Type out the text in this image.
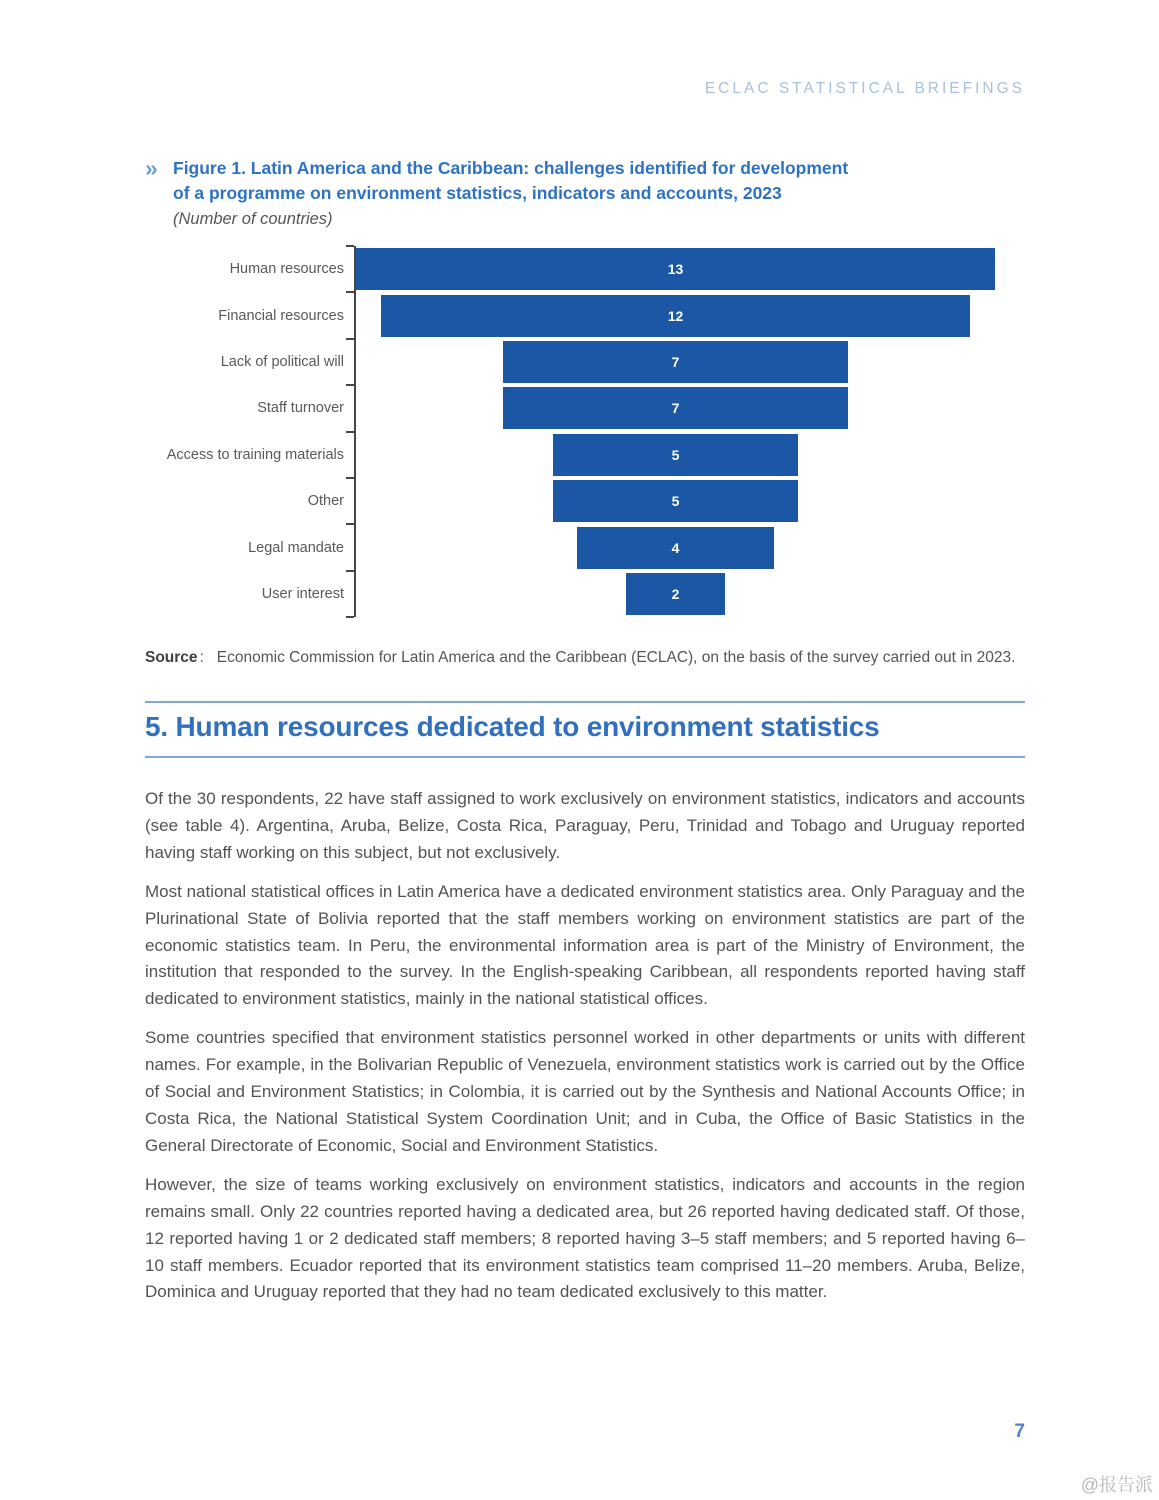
ECLAC STATISTICAL BRIEFINGS
» Figure 1. Latin America and the Caribbean: challenges identified for development
of a programme on environment statistics, indicators and accounts, 2023
(Number of countries)
Human resources	13
Financial resources	12
Lack of political will	7
Staff turnover	7
Access to training materials	5
Other	5
Legal mandate	4
User interest	2
Source :   Economic Commission for Latin America and the Caribbean (ECLAC), on the basis of the survey carried out in 2023.
5. Human resources dedicated to environment statistics

Of the 30 respondents, 22 have staff assigned to work exclusively on environment statistics, indicators and accounts (see table 4). Argentina, Aruba, Belize, Costa Rica, Paraguay, Peru, Trinidad and Tobago and Uruguay reported having staff working on this subject, but not exclusively.

Most national statistical offices in Latin America have a dedicated environment statistics area. Only Paraguay and the Plurinational State of Bolivia reported that the staff members working on environment statistics are part of the economic statistics team. In Peru, the environmental information area is part of the Ministry of Environment, the institution that responded to the survey. In the English-speaking Caribbean, all respondents reported having staff dedicated to environment statistics, mainly in the national statistical offices.

Some countries specified that environment statistics personnel worked in other departments or units with different names. For example, in the Bolivarian Republic of Venezuela, environment statistics work is carried out by the Office of Social and Environment Statistics; in Colombia, it is carried out by the Synthesis and National Accounts Office; in Costa Rica, the National Statistical System Coordination Unit; and in Cuba, the Office of Basic Statistics in the General Directorate of Economic, Social and Environment Statistics.

However, the size of teams working exclusively on environment statistics, indicators and accounts in the region remains small. Only 22 countries reported having a dedicated area, but 26 reported having dedicated staff. Of those, 12 reported having 1 or 2 dedicated staff members; 8 reported having 3–5 staff members; and 5 reported having 6–10 staff members. Ecuador reported that its environment statistics team comprised 11–20 members. Aruba, Belize, Dominica and Uruguay reported that they had no team dedicated exclusively to this matter.

7
@报告派
